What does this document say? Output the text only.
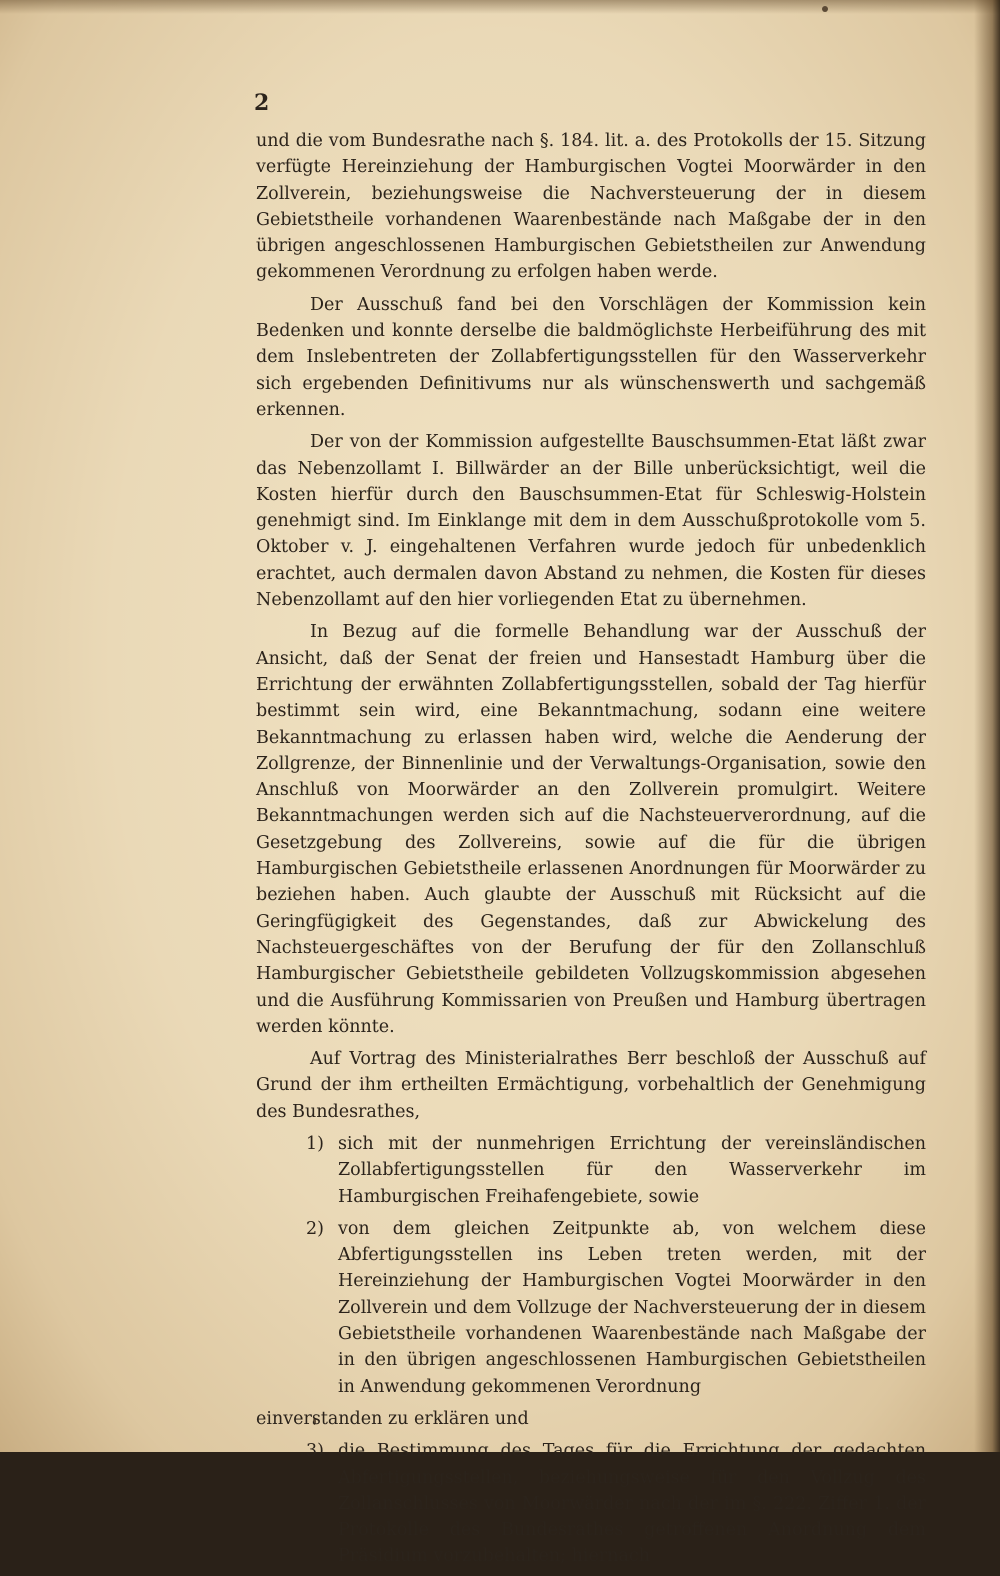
2

und die vom Bundesrathe nach §. 184. lit. a. des Protokolls der 15. Sitzung verfügte Hereinziehung der Hamburgischen Vogtei Moorwärder in den Zollverein, beziehungsweise die Nachversteuerung der in diesem Gebietstheile vorhandenen Waarenbestände nach Maßgabe der in den übrigen angeschlossenen Hamburgischen Gebietstheilen zur Anwendung gekommenen Verordnung zu erfolgen haben werde.

Der Ausschuß fand bei den Vorschlägen der Kommission kein Bedenken und konnte derselbe die baldmöglichste Herbeiführung des mit dem Inslebentreten der Zollabfertigungsstellen für den Wasserverkehr sich ergebenden Definitivums nur als wünschenswerth und sachgemäß erkennen.

Der von der Kommission aufgestellte Bauschsummen-Etat läßt zwar das Nebenzollamt I. Billwärder an der Bille unberücksichtigt, weil die Kosten hierfür durch den Bauschsummen-Etat für Schleswig-Holstein genehmigt sind. Im Einklange mit dem in dem Ausschußprotokolle vom 5. Oktober v. J. eingehaltenen Verfahren wurde jedoch für unbedenklich erachtet, auch dermalen davon Abstand zu nehmen, die Kosten für dieses Nebenzollamt auf den hier vorliegenden Etat zu übernehmen.

In Bezug auf die formelle Behandlung war der Ausschuß der Ansicht, daß der Senat der freien und Hansestadt Hamburg über die Errichtung der erwähnten Zollabfertigungsstellen, sobald der Tag hierfür bestimmt sein wird, eine Bekanntmachung, sodann eine weitere Bekanntmachung zu erlassen haben wird, welche die Aenderung der Zollgrenze, der Binnenlinie und der Verwaltungs-Organisation, sowie den Anschluß von Moorwärder an den Zollverein promulgirt. Weitere Bekanntmachungen werden sich auf die Nachsteuerverordnung, auf die Gesetzgebung des Zollvereins, sowie auf die für die übrigen Hamburgischen Gebietstheile erlassenen Anordnungen für Moorwärder zu beziehen haben. Auch glaubte der Ausschuß mit Rücksicht auf die Geringfügigkeit des Gegenstandes, daß zur Abwickelung des Nachsteuergeschäftes von der Berufung der für den Zollanschluß Hamburgischer Gebietstheile gebildeten Vollzugskommission abgesehen und die Ausführung Kommissarien von Preußen und Hamburg übertragen werden könnte.

Auf Vortrag des Ministerialrathes Berr beschloß der Ausschuß auf Grund der ihm ertheilten Ermächtigung, vorbehaltlich der Genehmigung des Bundesrathes,

1) sich mit der nunmehrigen Errichtung der vereinsländischen Zollabfertigungsstellen für den Wasserverkehr im Hamburgischen Freihafengebiete, sowie
2) von dem gleichen Zeitpunkte ab, von welchem diese Abfertigungsstellen ins Leben treten werden, mit der Hereinziehung der Hamburgischen Vogtei Moorwärder in den Zollverein und dem Vollzuge der Nachversteuerung der in diesem Gebietstheile vorhandenen Waarenbestände nach Maßgabe der in den übrigen angeschlossenen Hamburgischen Gebietstheilen in Anwendung gekommenen Verordnung

einverstanden zu erklären und

3) die Bestimmung des Tages für die Errichtung der gedachten Abfertigungsstellen, beziehungsweise für den Vollzug des Zollanschlusses von Moorwärder nach der im §. 222. Ziffer 1. der Protokolle des Bundesrathes getroffenen Anordnung dem Präsidium vorzubehalten; hiernach
